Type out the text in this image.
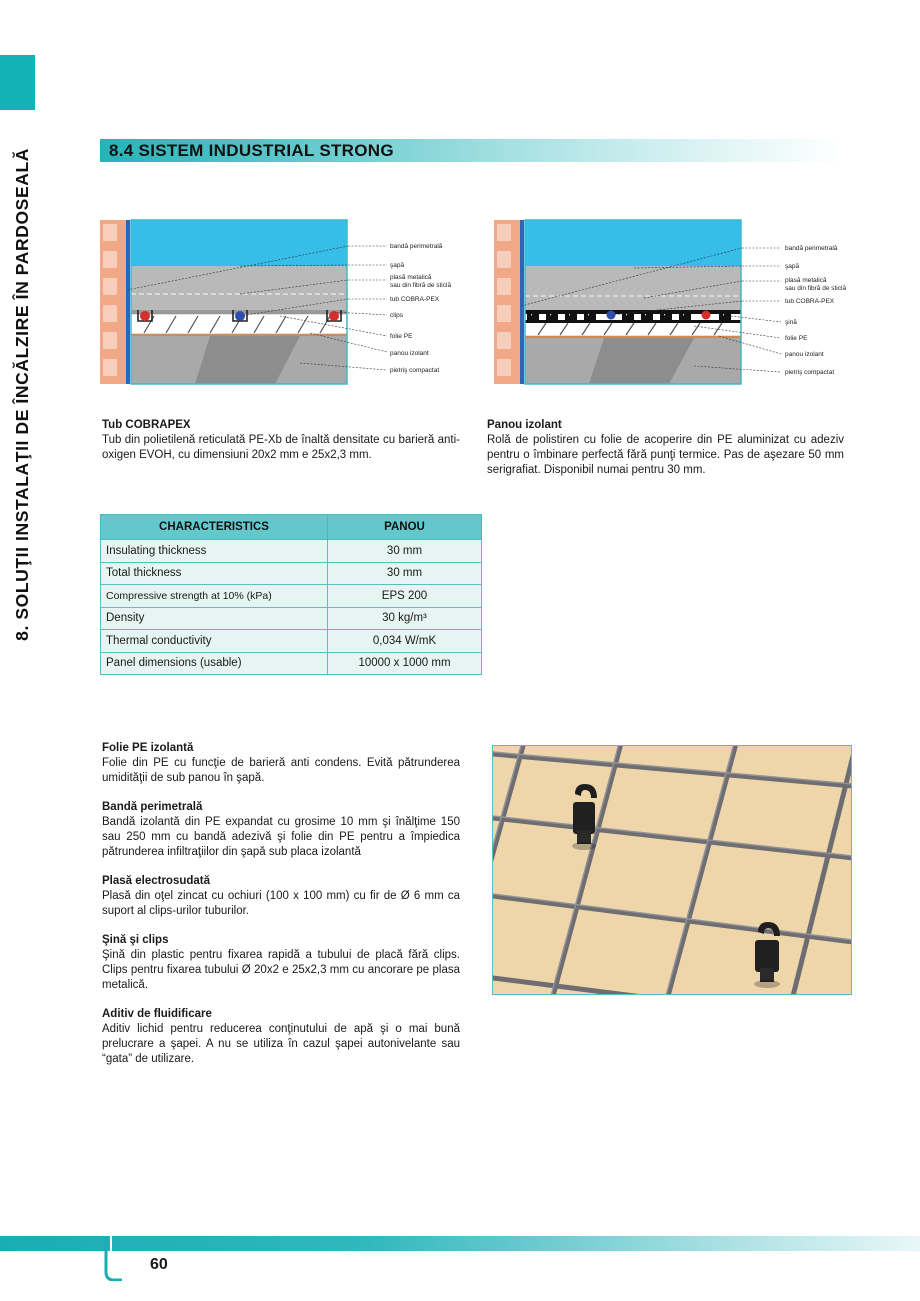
8. SOLUŢII INSTALAŢII DE ÎNCĂLZIRE ÎN PARDOSEALĂ	8.4 SISTEM INDUSTRIAL STRONG
bandă perimetrală
şapă
plasă metalică
sau din fibră de sticlă
tub COBRA-PEX
clips
folie PE
panou izolant
pietriş compactat
bandă perimetrală
şapă
plasă metalică
sau din fibră de sticlă
tub COBRA-PEX
şină
folie PE
panou izolant
pietriş compactat
Tub COBRAPEX
Tub din polietilenă reticulată PE-Xb de înaltă densitate cu barieră anti- oxigen EVOH, cu dimensiuni 20x2 mm e 25x2,3 mm.
Panou izolant
Rolă de polistiren cu folie de acoperire din PE aluminizat cu adeziv pentru o îmbinare perfectă fără punţi termice. Pas de aşezare 50 mm serigrafiat. Disponibil numai pentru 30 mm.
CHARACTERISTICS	PANOU
Insulating thickness	30 mm
Total thickness	30 mm
Compressive strength at 10% (kPa)	EPS 200
Density	30 kg/m³
Thermal conductivity	0,034 W/mK
Panel dimensions (usable)	10000 x 1000 mm
Folie PE izolantă
Folie din PE cu funcţie de barieră anti condens. Evită pătrunderea umidităţii de sub panou în şapă.
Bandă perimetrală
Bandă izolantă din PE expandat cu grosime 10 mm şi înălţime 150 sau 250 mm cu bandă adezivă şi folie din PE pentru a împiedica pătrunderea infiltraţiilor din şapă sub placa izolantă
Plasă electrosudată
Plasă din oţel zincat cu ochiuri (100 x 100 mm) cu fir de Ø 6 mm ca suport al clips-urilor tuburilor.
Şină şi clips
Şină din plastic pentru fixarea rapidă a tubului de placă fără clips. Clips pentru fixarea tubului Ø 20x2 e 25x2,3 mm cu ancorare pe plasa metalică.
Aditiv de fluidificare
Aditiv lichid pentru reducerea conţinutului de apă şi o mai bună prelucrare a şapei. A nu se utiliza în cazul şapei autonivelante sau “gata” de utilizare.
60
